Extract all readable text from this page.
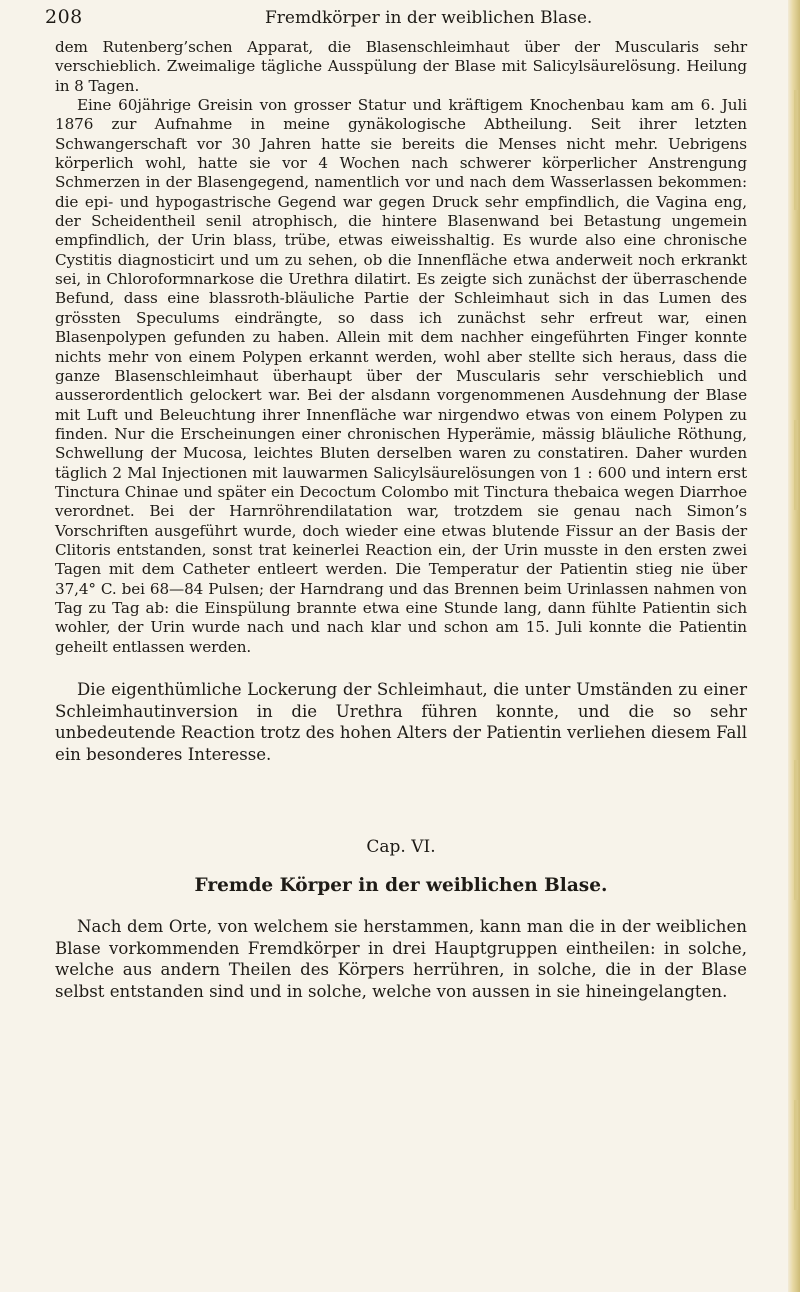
208	Fremdkörper in der weiblichen Blase.

dem Rutenberg’schen Apparat, die Blasenschleimhaut über der Muscularis sehr verschieblich. Zweimalige tägliche Ausspülung der Blase mit Salicylsäurelösung. Heilung in 8 Tagen.

Eine 60jährige Greisin von grosser Statur und kräftigem Knochenbau kam am 6. Juli 1876 zur Aufnahme in meine gynäkologische Abtheilung. Seit ihrer letzten Schwangerschaft vor 30 Jahren hatte sie bereits die Menses nicht mehr. Uebrigens körperlich wohl, hatte sie vor 4 Wochen nach schwerer körperlicher Anstrengung Schmerzen in der Blasengegend, namentlich vor und nach dem Wasserlassen bekommen: die epi- und hypogastrische Gegend war gegen Druck sehr empfindlich, die Vagina eng, der Scheidentheil senil atrophisch, die hintere Blasenwand bei Betastung ungemein empfindlich, der Urin blass, trübe, etwas eiweisshaltig. Es wurde also eine chronische Cystitis diagnosticirt und um zu sehen, ob die Innenfläche etwa anderweit noch erkrankt sei, in Chloroformnarkose die Urethra dilatirt. Es zeigte sich zunächst der überraschende Befund, dass eine blassroth-bläuliche Partie der Schleimhaut sich in das Lumen des grössten Speculums eindrängte, so dass ich zunächst sehr erfreut war, einen Blasenpolypen gefunden zu haben. Allein mit dem nachher eingeführten Finger konnte nichts mehr von einem Polypen erkannt werden, wohl aber stellte sich heraus, dass die ganze Blasenschleimhaut überhaupt über der Muscularis sehr verschieblich und ausserordentlich gelockert war. Bei der alsdann vorgenommenen Ausdehnung der Blase mit Luft und Beleuchtung ihrer Innenfläche war nirgendwo etwas von einem Polypen zu finden. Nur die Erscheinungen einer chronischen Hyperämie, mässig bläuliche Röthung, Schwellung der Mucosa, leichtes Bluten derselben waren zu constatiren. Daher wurden täglich 2 Mal Injectionen mit lauwarmen Salicylsäurelösungen von 1 : 600 und intern erst Tinctura Chinae und später ein Decoctum Colombo mit Tinctura thebaica wegen Diarrhoe verordnet. Bei der Harnröhrendilatation war, trotzdem sie genau nach Simon’s Vorschriften ausgeführt wurde, doch wieder eine etwas blutende Fissur an der Basis der Clitoris entstanden, sonst trat keinerlei Reaction ein, der Urin musste in den ersten zwei Tagen mit dem Catheter entleert werden. Die Temperatur der Patientin stieg nie über 37,4° C. bei 68—84 Pulsen; der Harndrang und das Brennen beim Urinlassen nahmen von Tag zu Tag ab: die Einspülung brannte etwa eine Stunde lang, dann fühlte Patientin sich wohler, der Urin wurde nach und nach klar und schon am 15. Juli konnte die Patientin geheilt entlassen werden.

Die eigenthümliche Lockerung der Schleimhaut, die unter Umständen zu einer Schleimhautinversion in die Urethra führen konnte, und die so sehr unbedeutende Reaction trotz des hohen Alters der Patientin verliehen diesem Fall ein besonderes Interesse.

Cap. VI.

Fremde Körper in der weiblichen Blase.

Nach dem Orte, von welchem sie herstammen, kann man die in der weiblichen Blase vorkommenden Fremdkörper in drei Hauptgruppen eintheilen: in solche, welche aus andern Theilen des Körpers herrühren, in solche, die in der Blase selbst entstanden sind und in solche, welche von aussen in sie hineingelangten.
